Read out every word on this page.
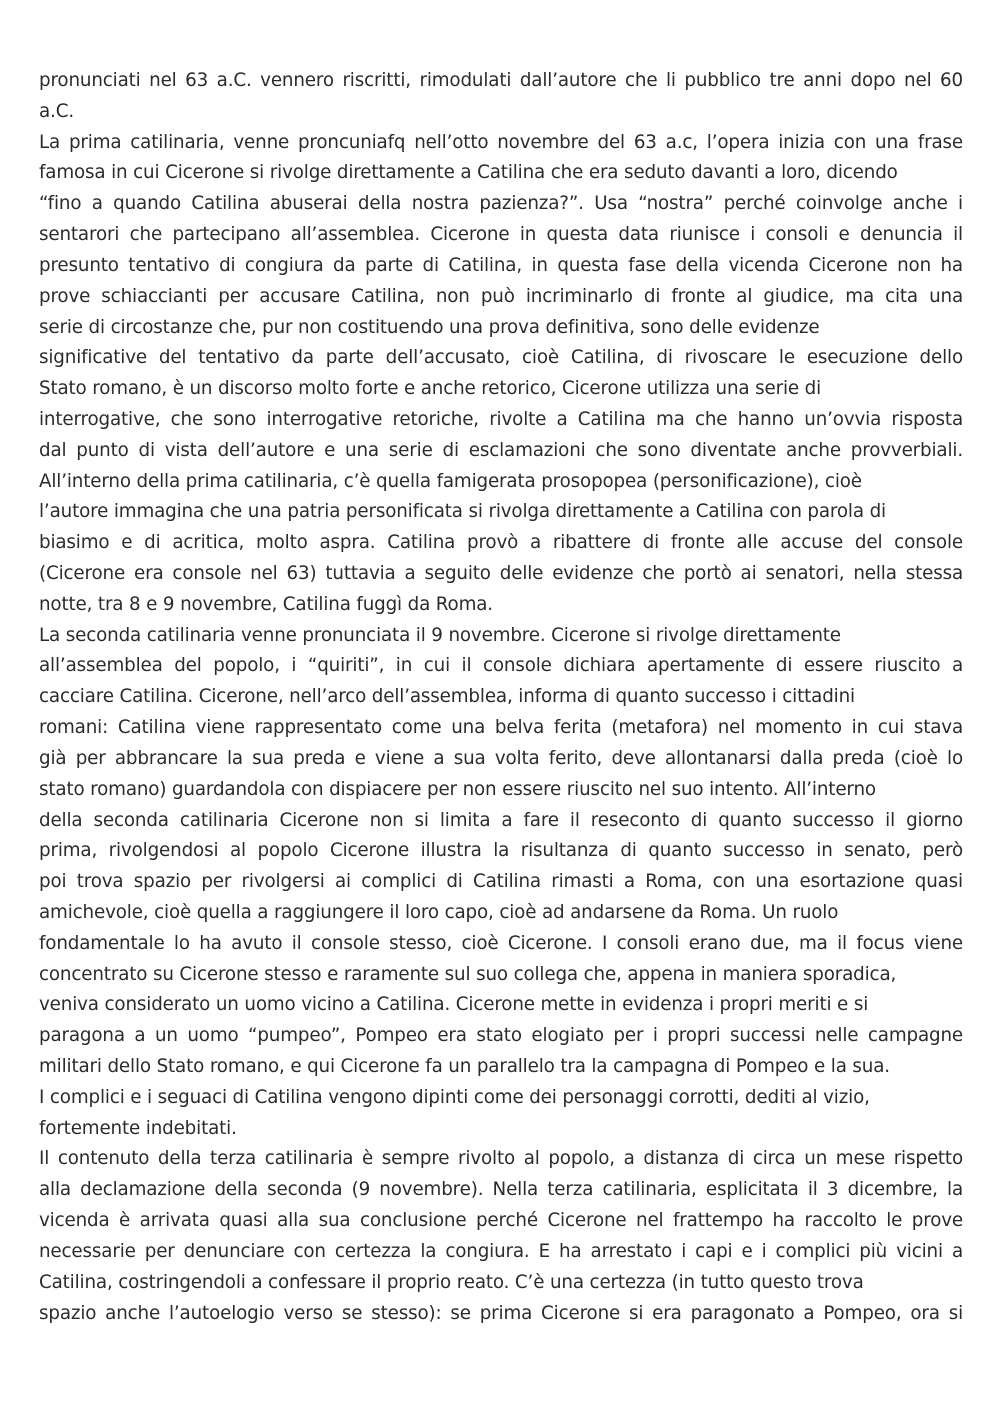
pronunciati nel 63 a.C. vennero riscritti, rimodulati dall’autore che li pubblico tre anni dopo nel 60
a.C.
La prima catilinaria, venne proncuniafq nell’otto novembre del 63 a.c, l’opera inizia con una frase
famosa in cui Cicerone si rivolge direttamente a Catilina che era seduto davanti a loro, dicendo
“fino a quando Catilina abuserai della nostra pazienza?”. Usa “nostra” perché coinvolge anche i
sentarori che partecipano all’assemblea. Cicerone in questa data riunisce i consoli e denuncia il
presunto tentativo di congiura da parte di Catilina, in questa fase della vicenda Cicerone non ha
prove schiaccianti per accusare Catilina, non può incriminarlo di fronte al giudice, ma cita una
serie di circostanze che, pur non costituendo una prova definitiva, sono delle evidenze
significative del tentativo da parte dell’accusato, cioè Catilina, di rivoscare le esecuzione dello
Stato romano, è un discorso molto forte e anche retorico, Cicerone utilizza una serie di
interrogative, che sono interrogative retoriche, rivolte a Catilina ma che hanno un’ovvia risposta
dal punto di vista dell’autore e una serie di esclamazioni che sono diventate anche provverbiali.
All’interno della prima catilinaria, c’è quella famigerata prosopopea (personificazione), cioè
l’autore immagina che una patria personificata si rivolga direttamente a Catilina con parola di
biasimo e di acritica, molto aspra. Catilina provò a ribattere di fronte alle accuse del console
(Cicerone era console nel 63) tuttavia a seguito delle evidenze che portò ai senatori, nella stessa
notte, tra 8 e 9 novembre, Catilina fuggì da Roma.
La seconda catilinaria venne pronunciata il 9 novembre. Cicerone si rivolge direttamente
all’assemblea del popolo, i “quiriti”, in cui il console dichiara apertamente di essere riuscito a
cacciare Catilina. Cicerone, nell’arco dell’assemblea, informa di quanto successo i cittadini
romani: Catilina viene rappresentato come una belva ferita (metafora) nel momento in cui stava
già per abbrancare la sua preda e viene a sua volta ferito, deve allontanarsi dalla preda (cioè lo
stato romano) guardandola con dispiacere per non essere riuscito nel suo intento. All’interno
della seconda catilinaria Cicerone non si limita a fare il reseconto di quanto successo il giorno
prima, rivolgendosi al popolo Cicerone illustra la risultanza di quanto successo in senato, però
poi trova spazio per rivolgersi ai complici di Catilina rimasti a Roma, con una esortazione quasi
amichevole, cioè quella a raggiungere il loro capo, cioè ad andarsene da Roma. Un ruolo
fondamentale lo ha avuto il console stesso, cioè Cicerone. I consoli erano due, ma il focus viene
concentrato su Cicerone stesso e raramente sul suo collega che, appena in maniera sporadica,
veniva considerato un uomo vicino a Catilina. Cicerone mette in evidenza i propri meriti e si
paragona a un uomo “pumpeo”, Pompeo era stato elogiato per i propri successi nelle campagne
militari dello Stato romano, e qui Cicerone fa un parallelo tra la campagna di Pompeo e la sua.
I complici e i seguaci di Catilina vengono dipinti come dei personaggi corrotti, dediti al vizio,
fortemente indebitati.
Il contenuto della terza catilinaria è sempre rivolto al popolo, a distanza di circa un mese rispetto
alla declamazione della seconda (9 novembre). Nella terza catilinaria, esplicitata il 3 dicembre, la
vicenda è arrivata quasi alla sua conclusione perché Cicerone nel frattempo ha raccolto le prove
necessarie per denunciare con certezza la congiura. E ha arrestato i capi e i complici più vicini a
Catilina, costringendoli a confessare il proprio reato. C’è una certezza (in tutto questo trova
spazio anche l’autoelogio verso se stesso): se prima Cicerone si era paragonato a Pompeo, ora si
